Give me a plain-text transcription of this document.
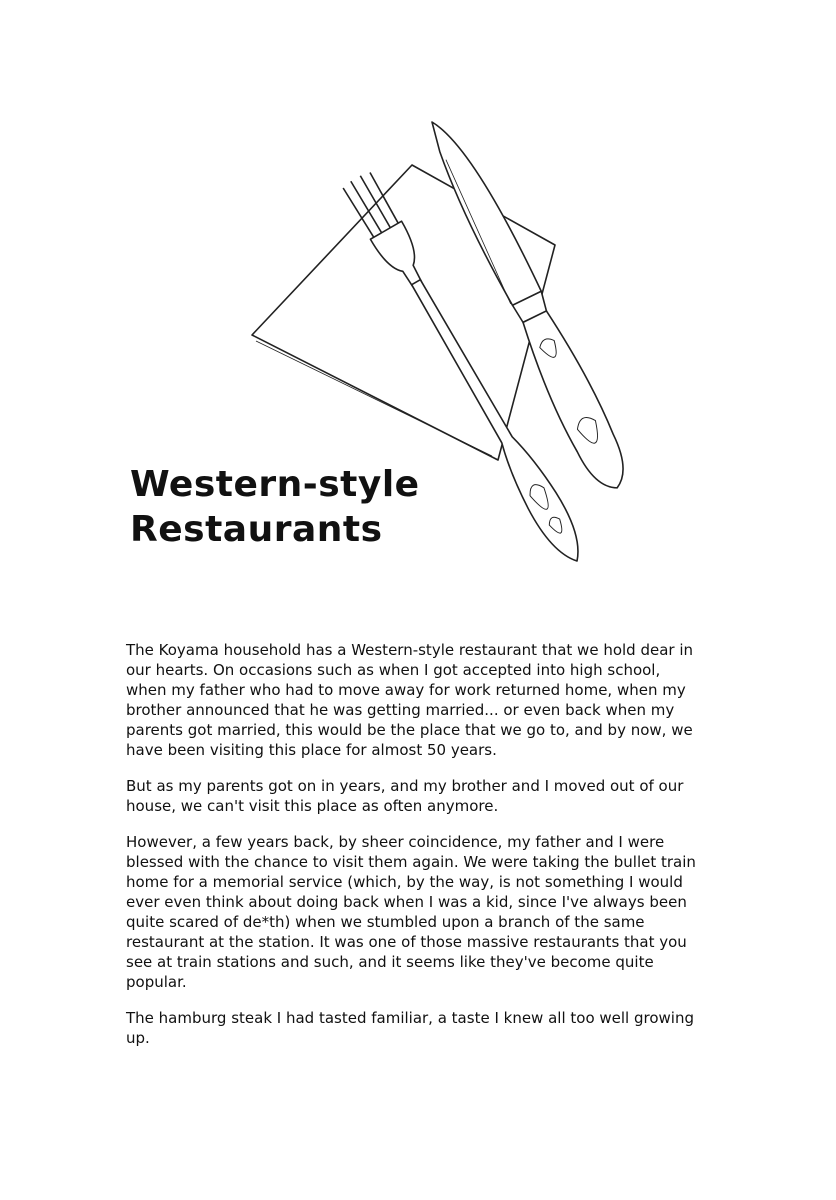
Western-style
Restaurants

The Koyama household has a Western-style restaurant that we hold dear in our hearts. On occasions such as when I got accepted into high school, when my father who had to move away for work returned home, when my brother announced that he was getting married... or even back when my parents got married, this would be the place that we go to, and by now, we have been visiting this place for almost 50 years.

But as my parents got on in years, and my brother and I moved out of our house, we can't visit this place as often anymore.

However, a few years back, by sheer coincidence, my father and I were blessed with the chance to visit them again. We were taking the bullet train home for a memorial service (which, by the way, is not something I would ever even think about doing back when I was a kid, since I've always been quite scared of de*th) when we stumbled upon a branch of the same restaurant at the station. It was one of those massive restaurants that you see at train stations and such, and it seems like they've become quite popular.

The hamburg steak I had tasted familiar, a taste I knew all too well growing up.
